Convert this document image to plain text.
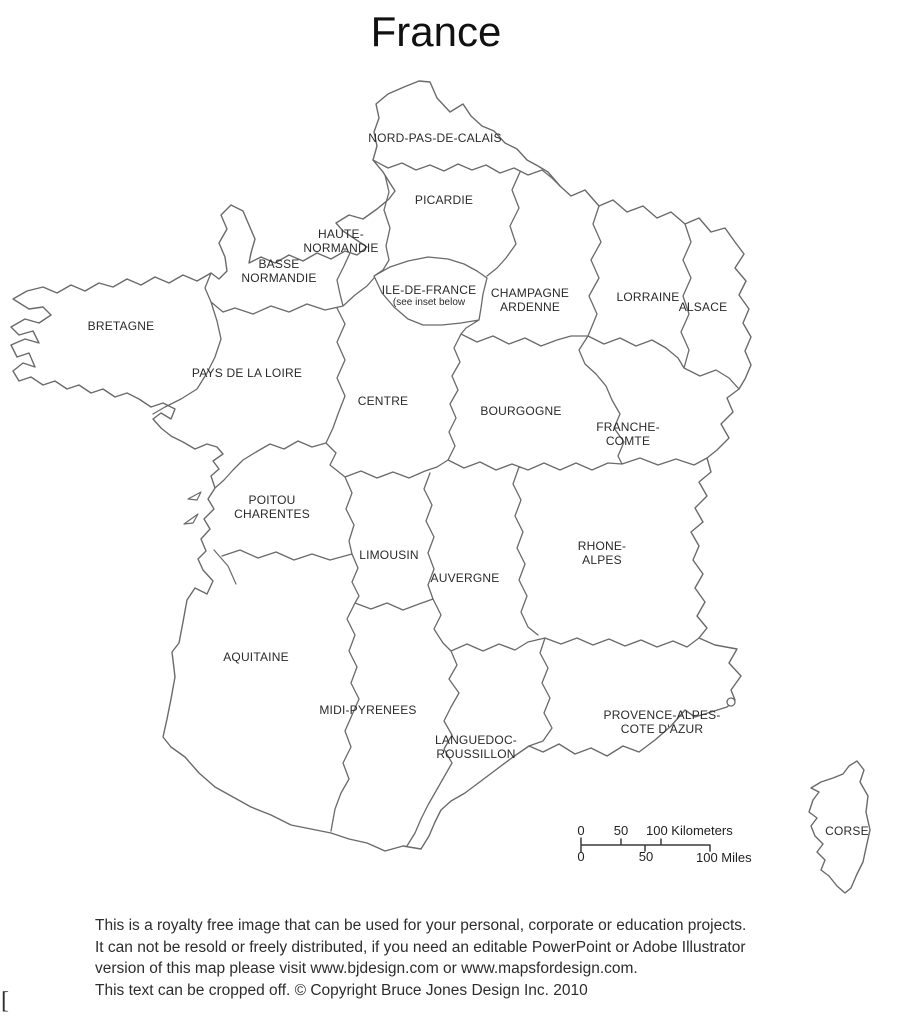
France
NORD-PAS-DE-CALAIS
PICARDIE
HAUTE-
NORMANDIE
BASSE
NORMANDIE
ILE-DE-FRANCE
(see inset below
CHAMPAGNE
ARDENNE
LORRAINE
ALSACE
BRETAGNE
PAYS DE LA LOIRE
CENTRE
BOURGOGNE
FRANCHE-
COMTE
POITOU
CHARENTES
LIMOUSIN
AUVERGNE
RHONE-
ALPES
AQUITAINE
MIDI-PYRENEES
LANGUEDOC-
ROUSSILLON
PROVENCE-ALPES-
COTE D'AZUR
CORSE
0 50 100 Kilometers
0	50	100 Miles
This is a royalty free image that can be used for your personal, corporate or education projects.
It can not be resold or freely distributed, if you need an editable PowerPoint or Adobe Illustrator
version of this map please visit www.bjdesign.com or www.mapsfordesign.com.
This text can be cropped off. © Copyright Bruce Jones Design Inc. 2010
[
